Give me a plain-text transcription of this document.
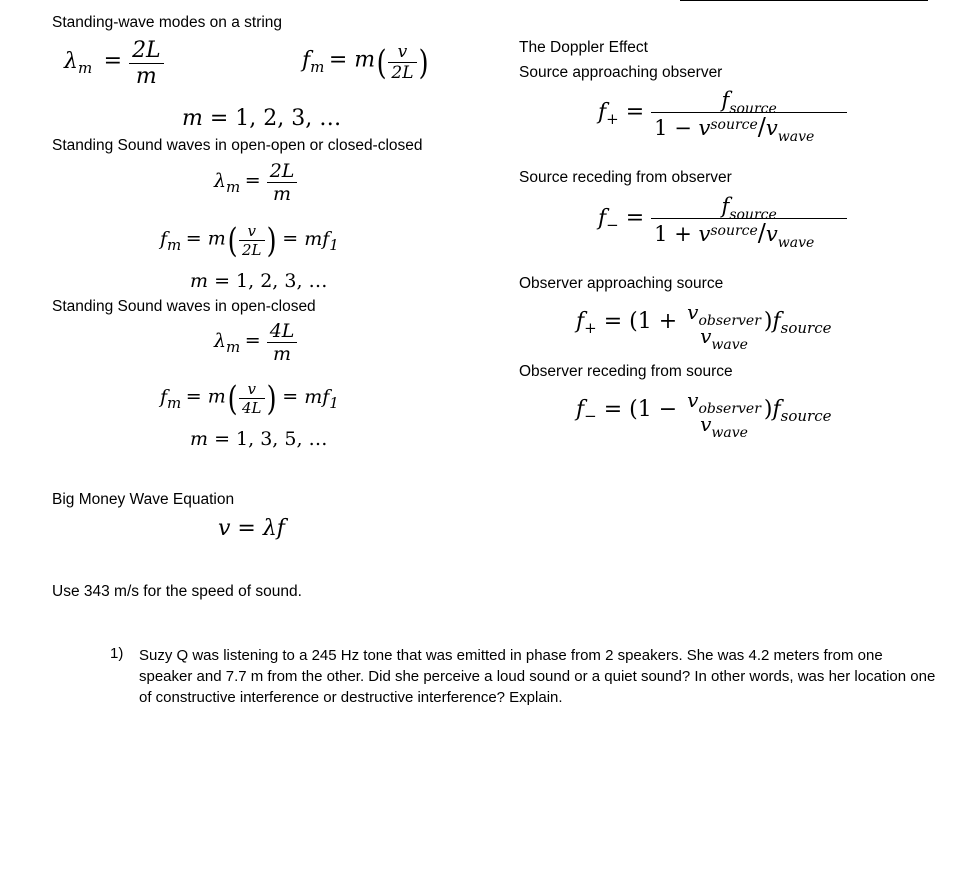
Standing-wave modes on a string
$\lambda_m = \frac{2L}{m}$	$f_m = m( \frac{v}{2L}$ )
m = 1, 2, 3, …
Standing Sound waves in open-open or closed-closed
$\lambda_m = \frac{2L}{m}$
$f_m = m( \frac{v}{2L}$ ) = $mf_1$
m = 1, 2, 3, …
Standing Sound waves in open-closed
$\lambda_m = \frac{4L}{m}$
$f_m = m( \frac{v}{4L}$ ) = $mf_1$
m = 1, 3, 5, …
Big Money Wave Equation
v = λf
Use 343 m/s for the speed of sound.
The Doppler Effect
Source approaching observer
$f_+ = \frac{f_{source}}{1 - v^{source}/v_{wave}}$
Source receding from observer
$f_- = \frac{f_{source}}{1 + v^{source}/v_{wave}}$
Observer approaching source
$f_+ = (1 + v_{observer}$
$v_{wave}$
)$f_{source}$
Observer receding from source
$f_- = (1 - v_{observer}$
$v_{wave}$
)$f_{source}$
1) Suzy Q was listening to a 245 Hz tone that was emitted in phase from 2 speakers. She was 4.2 meters from one speaker and 7.7 m from the other. Did she perceive a loud sound or a quiet sound? In other words, was her location one of constructive interference or destructive interference? Explain.
